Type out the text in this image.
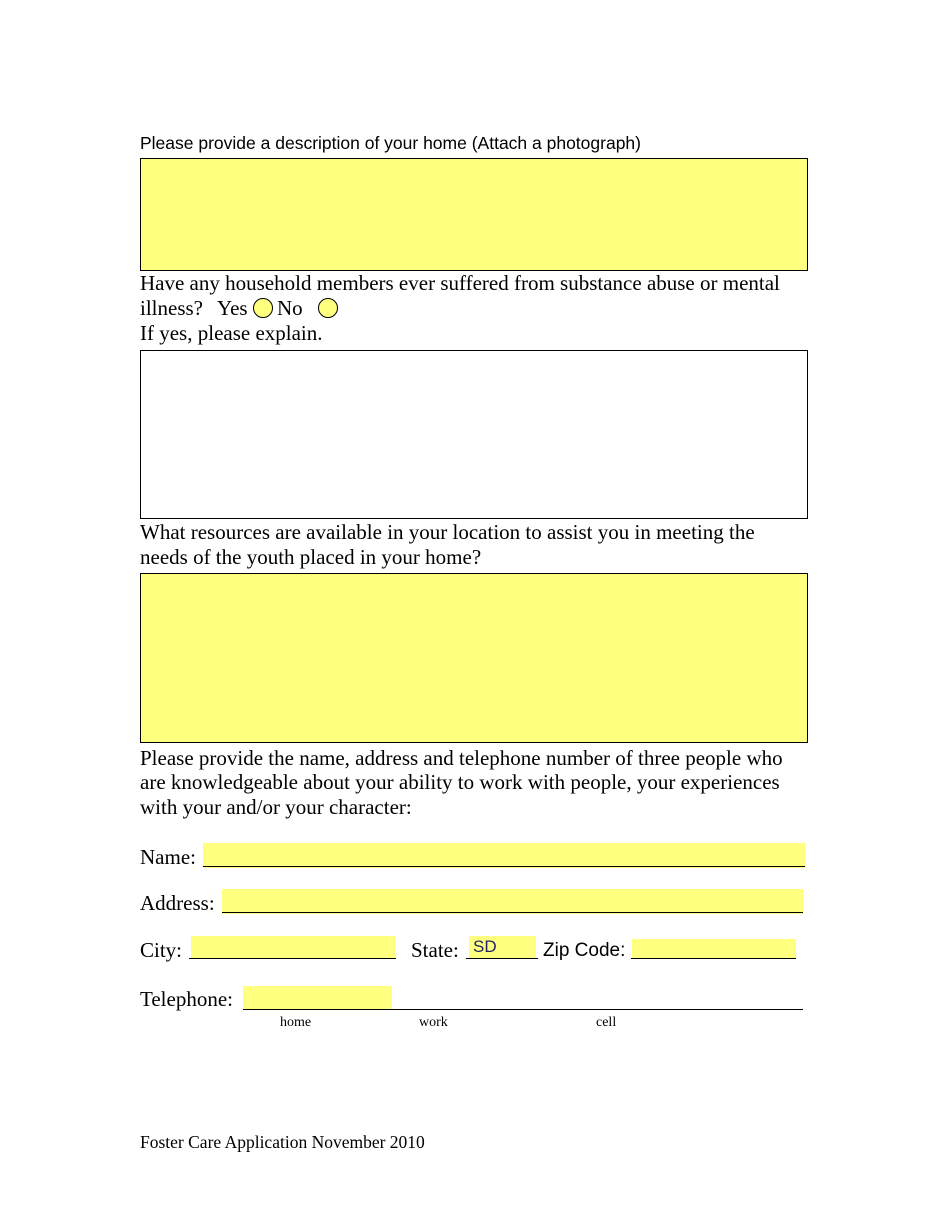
Please provide a description of your home (Attach a photograph)
Have any household members ever suffered from substance abuse or mental
illness? Yes No
If yes, please explain.
What resources are available in your location to assist you in meeting the
needs of the youth placed in your home?
Please provide the name, address and telephone number of three people who
are knowledgeable about your ability to work with people, your experiences
with your and/or your character:
Name:
Address:
City:	State: SD Zip Code:
Telephone:
home	work	cell
Foster Care Application November 2010
